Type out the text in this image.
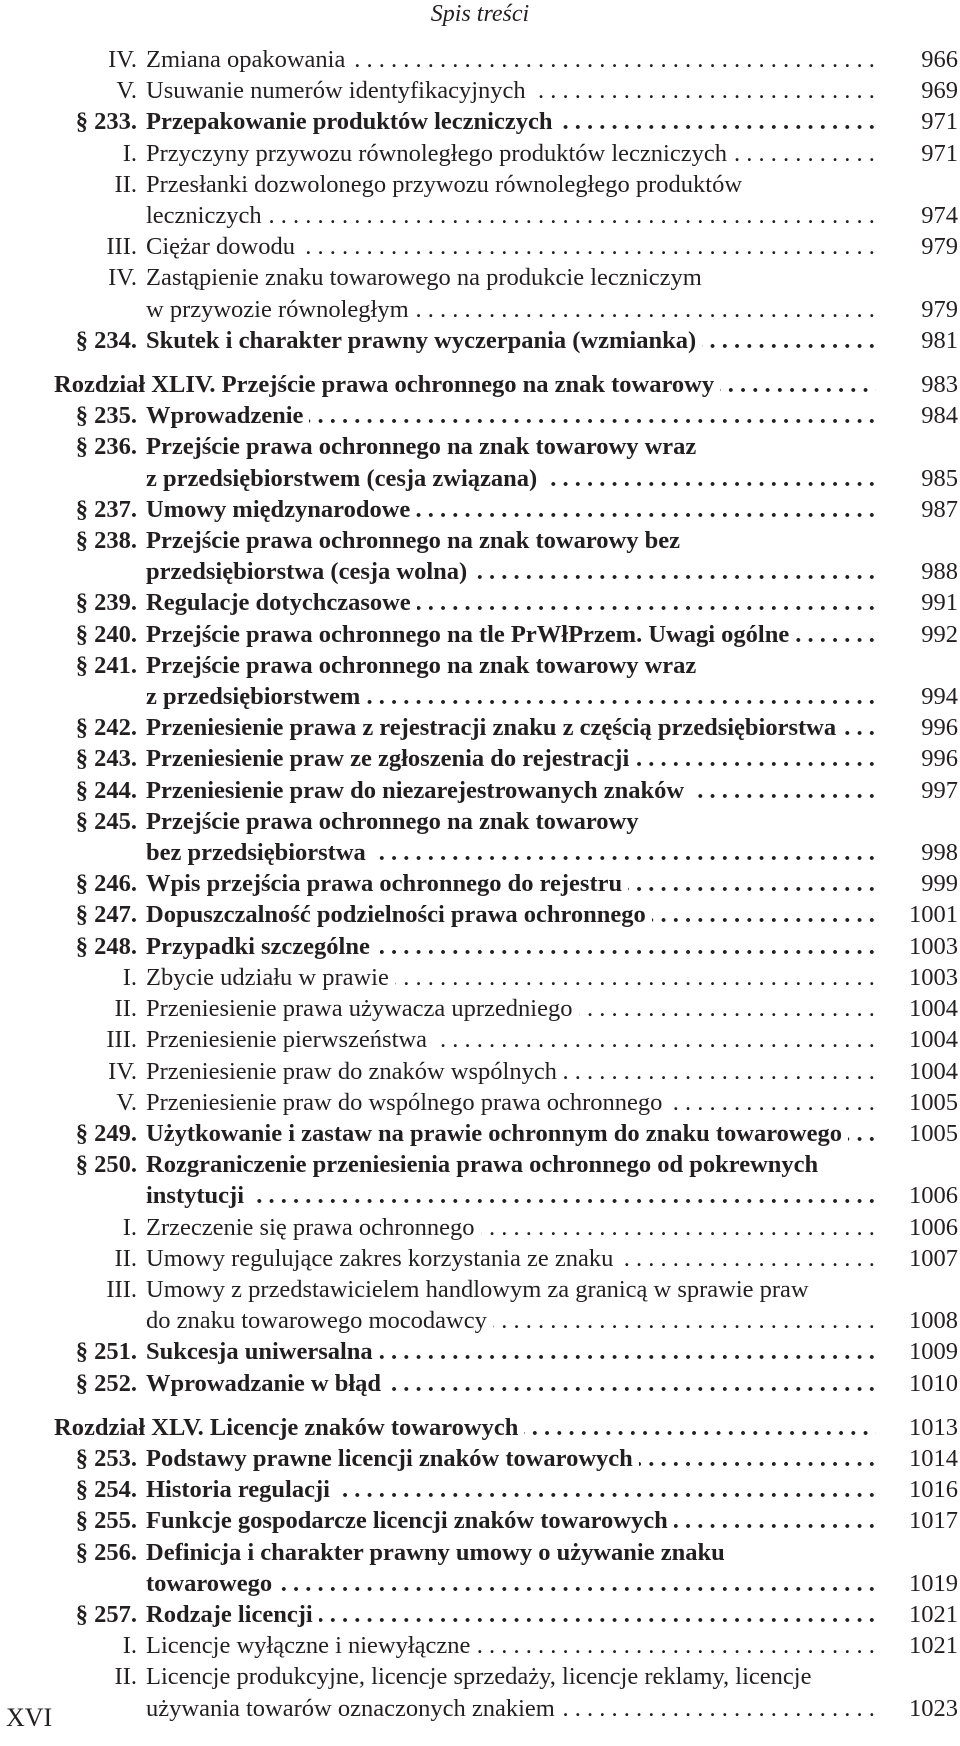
Spis treści
IV. Zmiana opakowania . . .	966
V. Usuwanie numerów identyfikacyjnych . . .	969
§ 233. Przepakowanie produktów leczniczych . . .	971
I. Przyczyny przywozu równoległego produktów leczniczych . . .	971
II. Przesłanki dozwolonego przywozu równoległego produktów
leczniczych . . .	974
III. Ciężar dowodu . . .	979
IV. Zastąpienie znaku towarowego na produkcie leczniczym
w przywozie równoległym . . .	979
§ 234. Skutek i charakter prawny wyczerpania (wzmianka) . . .	981
Rozdział XLIV. Przejście prawa ochronnego na znak towarowy . . .	983
§ 235. Wprowadzenie . . .	984
§ 236. Przejście prawa ochronnego na znak towarowy wraz
z przedsiębiorstwem (cesja związana) . . .	985
§ 237. Umowy międzynarodowe . . .	987
§ 238. Przejście prawa ochronnego na znak towarowy bez
przedsiębiorstwa (cesja wolna) . . .	988
§ 239. Regulacje dotychczasowe . . .	991
§ 240. Przejście prawa ochronnego na tle PrWłPrzem. Uwagi ogólne . . .	992
§ 241. Przejście prawa ochronnego na znak towarowy wraz
z przedsiębiorstwem . . .	994
§ 242. Przeniesienie prawa z rejestracji znaku z częścią przedsiębiorstwa . . .	996
§ 243. Przeniesienie praw ze zgłoszenia do rejestracji . . .	996
§ 244. Przeniesienie praw do niezarejestrowanych znaków . . .	997
§ 245. Przejście prawa ochronnego na znak towarowy
bez przedsiębiorstwa . . .	998
§ 246. Wpis przejścia prawa ochronnego do rejestru . . .	999
§ 247. Dopuszczalność podzielności prawa ochronnego . . .	1001
§ 248. Przypadki szczególne . . .	1003
I. Zbycie udziału w prawie . . .	1003
II. Przeniesienie prawa używacza uprzedniego . . .	1004
III. Przeniesienie pierwszeństwa . . .	1004
IV. Przeniesienie praw do znaków wspólnych . . .	1004
V. Przeniesienie praw do wspólnego prawa ochronnego . . .	1005
§ 249. Użytkowanie i zastaw na prawie ochronnym do znaku towarowego . . .	1005
§ 250. Rozgraniczenie przeniesienia prawa ochronnego od pokrewnych
instytucji . . .	1006
I. Zrzeczenie się prawa ochronnego . . .	1006
II. Umowy regulujące zakres korzystania ze znaku . . .	1007
III. Umowy z przedstawicielem handlowym za granicą w sprawie praw
do znaku towarowego mocodawcy . . .	1008
§ 251. Sukcesja uniwersalna . . .	1009
§ 252. Wprowadzanie w błąd . . .	1010
Rozdział XLV. Licencje znaków towarowych . . .	1013
§ 253. Podstawy prawne licencji znaków towarowych . . .	1014
§ 254. Historia regulacji . . .	1016
§ 255. Funkcje gospodarcze licencji znaków towarowych . . .	1017
§ 256. Definicja i charakter prawny umowy o używanie znaku
towarowego . . .	1019
§ 257. Rodzaje licencji . . .	1021
I. Licencje wyłączne i niewyłączne . . .	1021
II. Licencje produkcyjne, licencje sprzedaży, licencje reklamy, licencje
używania towarów oznaczonych znakiem . . .	1023
XVI
